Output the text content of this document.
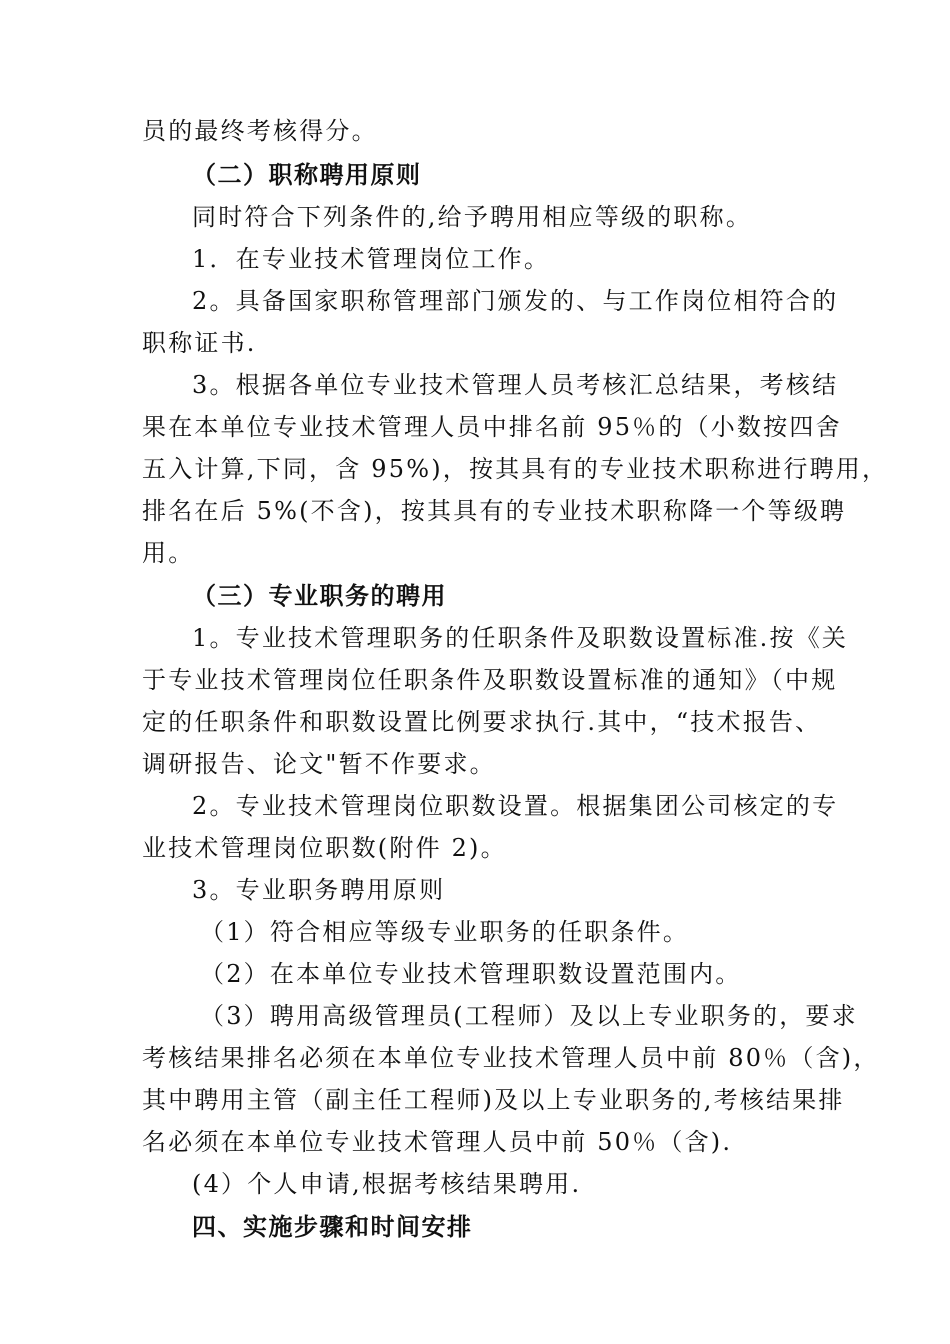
员的最终考核得分。
（二）职称聘用原则
同时符合下列条件的,给予聘用相应等级的职称。
1．在专业技术管理岗位工作。
2。具备国家职称管理部门颁发的、与工作岗位相符合的
职称证书.
3。根据各单位专业技术管理人员考核汇总结果，考核结
果在本单位专业技术管理人员中排名前 95％的（小数按四舍
五入计算,下同，含 95%)，按其具有的专业技术职称进行聘用，
排名在后 5%(不含)，按其具有的专业技术职称降一个等级聘
用。
（三）专业职务的聘用
1。专业技术管理职务的任职条件及职数设置标准.按《关
于专业技术管理岗位任职条件及职数设置标准的通知》（中规
定的任职条件和职数设置比例要求执行.其中，“技术报告、
调研报告、论文"暂不作要求。
2。专业技术管理岗位职数设置。根据集团公司核定的专
业技术管理岗位职数(附件 2)。
3。专业职务聘用原则
（1）符合相应等级专业职务的任职条件。
（2）在本单位专业技术管理职数设置范围内。
（3）聘用高级管理员(工程师）及以上专业职务的，要求
考核结果排名必须在本单位专业技术管理人员中前 80％（含)，
其中聘用主管（副主任工程师)及以上专业职务的,考核结果排
名必须在本单位专业技术管理人员中前 50％（含).
(4）个人申请,根据考核结果聘用.
四、实施步骤和时间安排
